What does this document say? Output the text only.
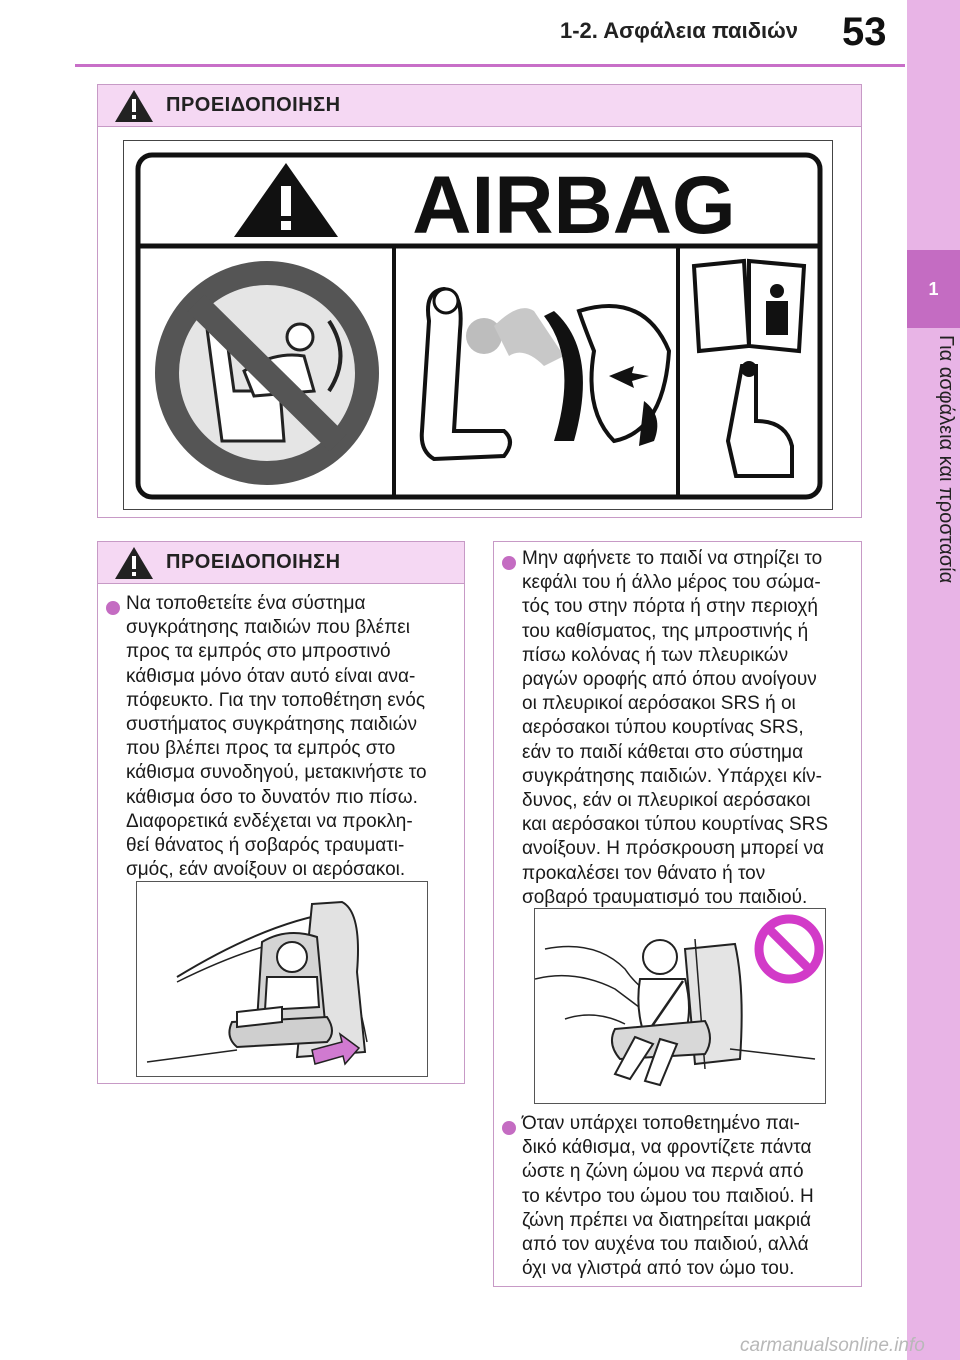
1-2. Ασφάλεια παιδιών 53
1
Για ασφάλεια και προστασία
ΠΡΟΕΙΔΟΠΟΙΗΣΗ
AIRBAG
ΠΡΟΕΙΔΟΠΟΙΗΣΗ
Να τοποθετείτε ένα σύστημα
συγκράτησης παιδιών που βλέπει
προς τα εμπρός στο μπροστινό
κάθισμα μόνο όταν αυτό είναι ανα-
πόφευκτο. Για την τοποθέτηση ενός
συστήματος συγκράτησης παιδιών
που βλέπει προς τα εμπρός στο
κάθισμα συνοδηγού, μετακινήστε το
κάθισμα όσο το δυνατόν πιο πίσω.
Διαφορετικά ενδέχεται να προκλη-
θεί θάνατος ή σοβαρός τραυματι-
σμός, εάν ανοίξουν οι αερόσακοι.
Μην αφήνετε το παιδί να στηρίζει το
κεφάλι του ή άλλο μέρος του σώμα-
τός του στην πόρτα ή στην περιοχή
του καθίσματος, της μπροστινής ή
πίσω κολόνας ή των πλευρικών
ραγών οροφής από όπου ανοίγουν
οι πλευρικοί αερόσακοι SRS ή οι
αερόσακοι τύπου κουρτίνας SRS,
εάν το παιδί κάθεται στο σύστημα
συγκράτησης παιδιών. Υπάρχει κίν-
δυνος, εάν οι πλευρικοί αερόσακοι
και αερόσακοι τύπου κουρτίνας SRS
ανοίξουν. Η πρόσκρουση μπορεί να
προκαλέσει τον θάνατο ή τον
σοβαρό τραυματισμό του παιδιού.
Όταν υπάρχει τοποθετημένο παι-
δικό κάθισμα, να φροντίζετε πάντα
ώστε η ζώνη ώμου να περνά από
το κέντρο του ώμου του παιδιού. Η
ζώνη πρέπει να διατηρείται μακριά
από τον αυχένα του παιδιού, αλλά
όχι να γλιστρά από τον ώμο του.
carmanualsonline.info
